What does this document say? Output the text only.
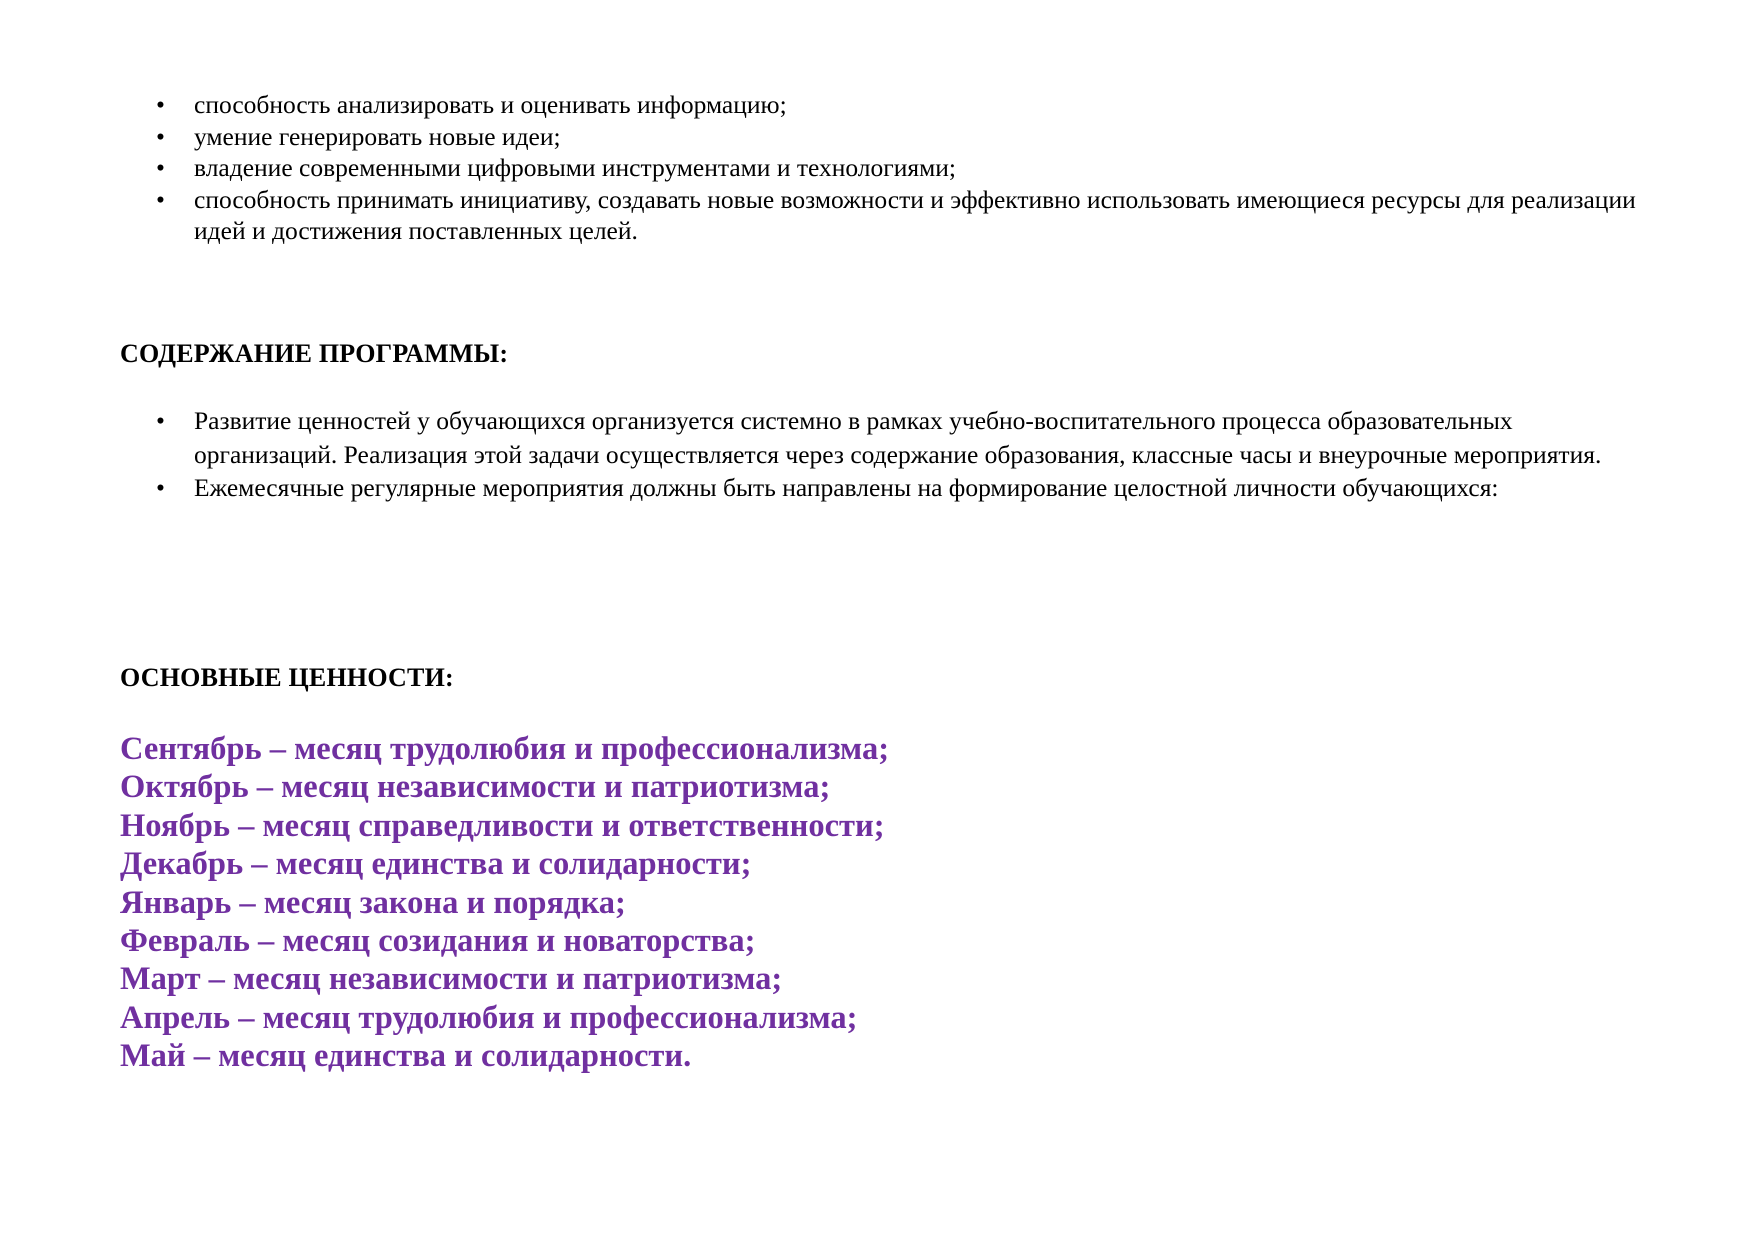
• способность анализировать и оценивать информацию;
• умение генерировать новые идеи;
• владение современными цифровыми инструментами и технологиями;
• способность принимать инициативу, создавать новые возможности и эффективно использовать имеющиеся ресурсы для реализации идей и достижения поставленных целей.
СОДЕРЖАНИЕ ПРОГРАММЫ:
• Развитие ценностей у обучающихся организуется системно в рамках учебно-воспитательного процесса образовательных организаций. Реализация этой задачи осуществляется через содержание образования, классные часы и внеурочные мероприятия.
• Ежемесячные регулярные мероприятия должны быть направлены на формирование целостной личности обучающихся:
ОСНОВНЫЕ ЦЕННОСТИ:
Сентябрь – месяц трудолюбия и профессионализма;
Октябрь – месяц независимости и патриотизма;
Ноябрь – месяц справедливости и ответственности;
Декабрь – месяц единства и солидарности;
Январь – месяц закона и порядка;
Февраль – месяц созидания и новаторства;
Март – месяц независимости и патриотизма;
Апрель – месяц трудолюбия и профессионализма;
Май – месяц единства и солидарности.
